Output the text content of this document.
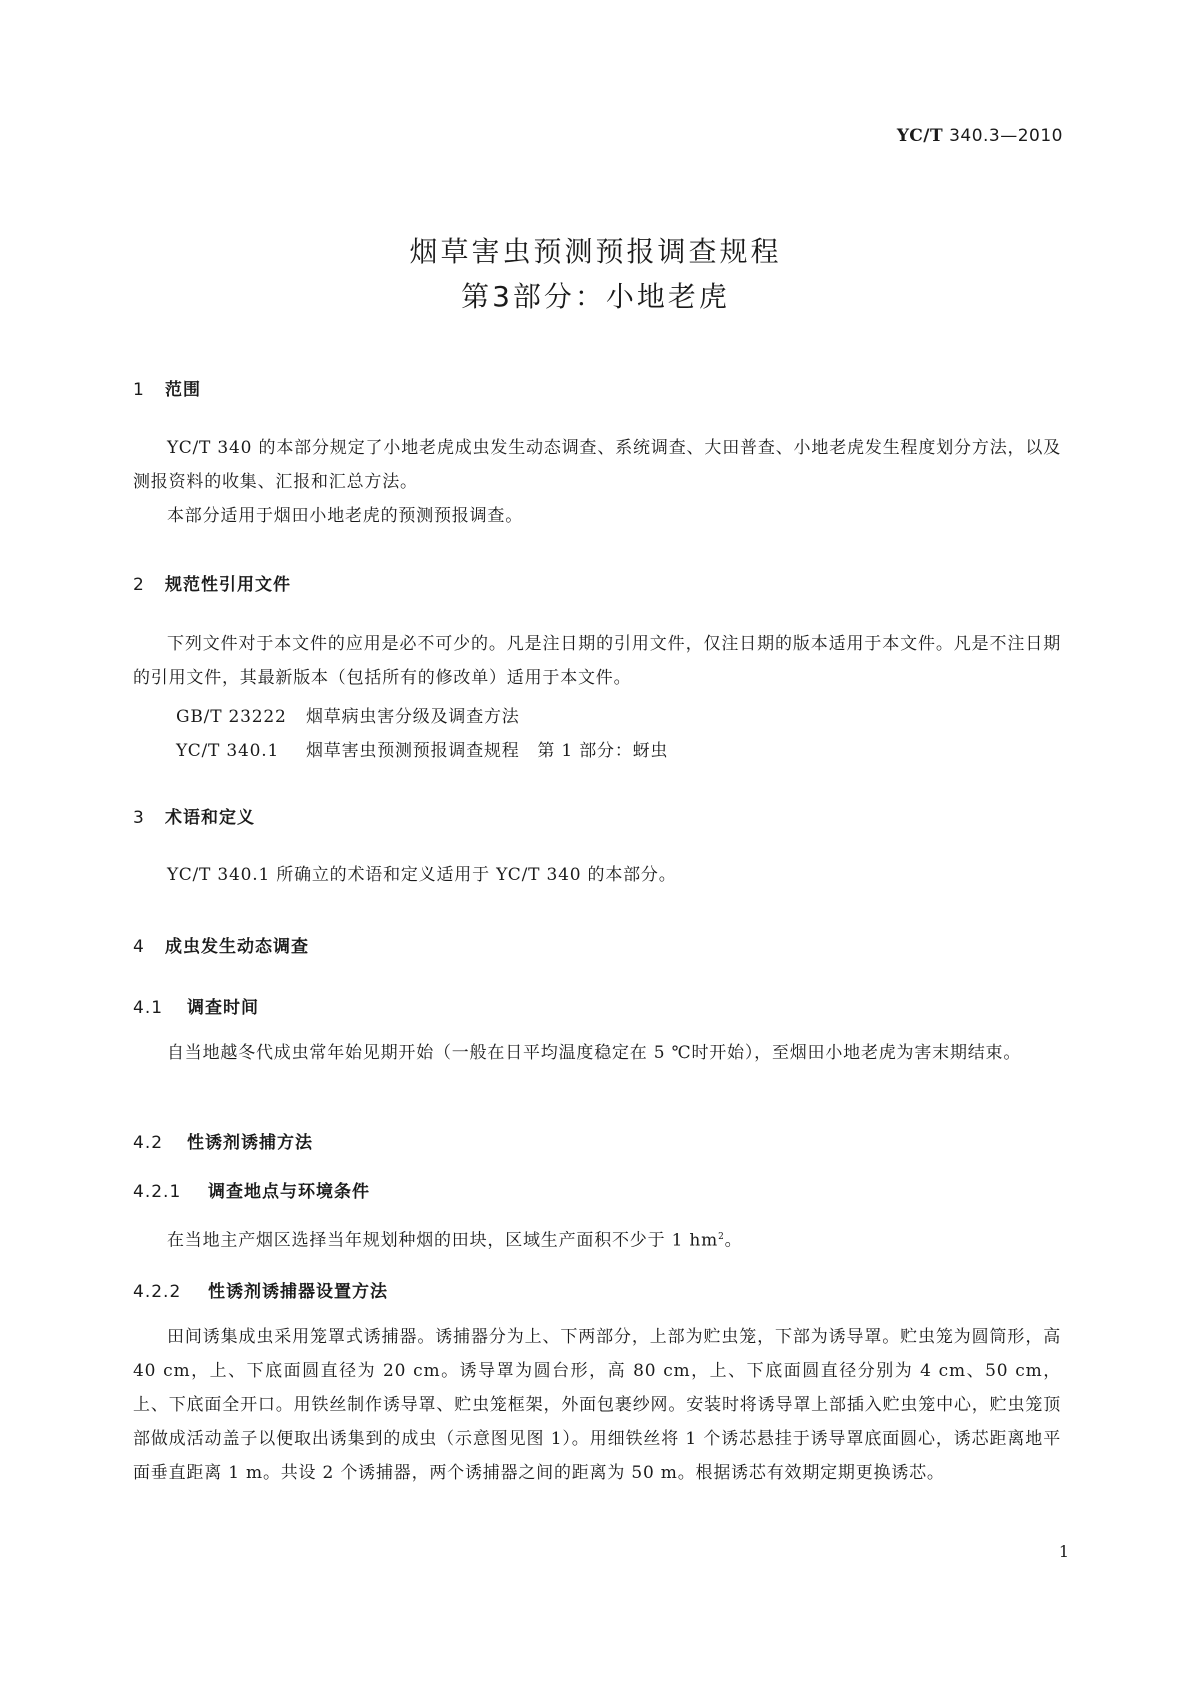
YC/T 340.3—2010
烟草害虫预测预报调查规程
第3部分：小地老虎
1 范围

YC/T 340 的本部分规定了小地老虎成虫发生动态调查、系统调查、大田普查、小地老虎发生程度划分方法，以及测报资料的收集、汇报和汇总方法。

本部分适用于烟田小地老虎的预测预报调查。

2 规范性引用文件

下列文件对于本文件的应用是必不可少的。凡是注日期的引用文件，仅注日期的版本适用于本文件。凡是不注日期的引用文件，其最新版本（包括所有的修改单）适用于本文件。

GB/T 23222 烟草病虫害分级及调查方法
YC/T 340.1 烟草害虫预测预报调查规程　第 1 部分：蚜虫
3 术语和定义

YC/T 340.1 所确立的术语和定义适用于 YC/T 340 的本部分。

4 成虫发生动态调查
4.1 调查时间

自当地越冬代成虫常年始见期开始（一般在日平均温度稳定在 5 ℃时开始），至烟田小地老虎为害末期结束。

4.2 性诱剂诱捕方法
4.2.1 调查地点与环境条件

在当地主产烟区选择当年规划种烟的田块，区域生产面积不少于 1 $hm^2$。

4.2.2 性诱剂诱捕器设置方法

田间诱集成虫采用笼罩式诱捕器。诱捕器分为上、下两部分，上部为贮虫笼，下部为诱导罩。贮虫笼为圆筒形，高 40 cm，上、下底面圆直径为 20 cm。诱导罩为圆台形，高 80 cm，上、下底面圆直径分别为 4 cm、50 cm，上、下底面全开口。用铁丝制作诱导罩、贮虫笼框架，外面包裹纱网。安装时将诱导罩上部插入贮虫笼中心，贮虫笼顶部做成活动盖子以便取出诱集到的成虫（示意图见图 1）。用细铁丝将 1 个诱芯悬挂于诱导罩底面圆心，诱芯距离地平面垂直距离 1 m。共设 2 个诱捕器，两个诱捕器之间的距离为 50 m。根据诱芯有效期定期更换诱芯。

1
